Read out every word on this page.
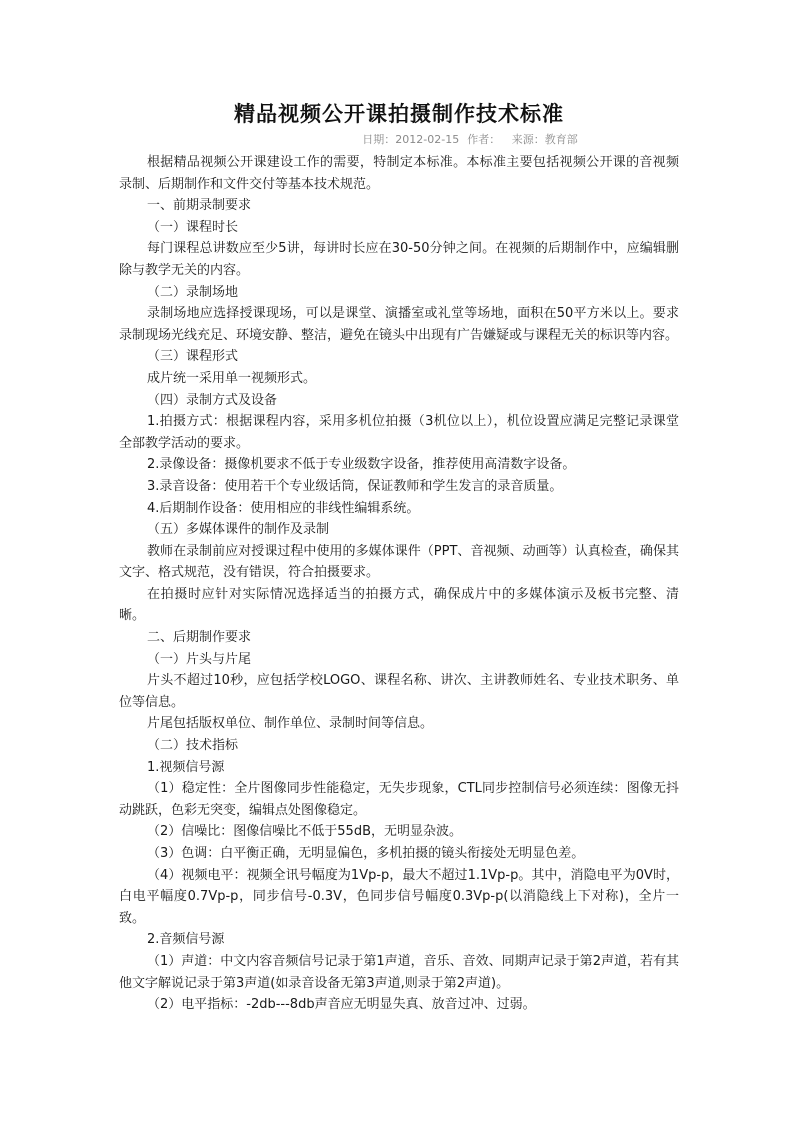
精品视频公开课拍摄制作技术标准
日期：2012-02-15 作者： 来源：教育部

根据精品视频公开课建设工作的需要，特制定本标准。本标准主要包括视频公开课的音视频录制、后期制作和文件交付等基本技术规范。

一、前期录制要求

（一）课程时长

每门课程总讲数应至少5讲，每讲时长应在30-50分钟之间。在视频的后期制作中，应编辑删除与教学无关的内容。

（二）录制场地

录制场地应选择授课现场，可以是课堂、演播室或礼堂等场地，面积在50平方米以上。要求录制现场光线充足、环境安静、整洁，避免在镜头中出现有广告嫌疑或与课程无关的标识等内容。

（三）课程形式

成片统一采用单一视频形式。

（四）录制方式及设备

1.拍摄方式：根据课程内容，采用多机位拍摄（3机位以上），机位设置应满足完整记录课堂全部教学活动的要求。

2.录像设备：摄像机要求不低于专业级数字设备，推荐使用高清数字设备。

3.录音设备：使用若干个专业级话筒，保证教师和学生发言的录音质量。

4.后期制作设备：使用相应的非线性编辑系统。

（五）多媒体课件的制作及录制

教师在录制前应对授课过程中使用的多媒体课件（PPT、音视频、动画等）认真检查，确保其文字、格式规范，没有错误，符合拍摄要求。

在拍摄时应针对实际情况选择适当的拍摄方式，确保成片中的多媒体演示及板书完整、清晰。

二、后期制作要求

（一）片头与片尾

片头不超过10秒，应包括学校LOGO、课程名称、讲次、主讲教师姓名、专业技术职务、单位等信息。

片尾包括版权单位、制作单位、录制时间等信息。

（二）技术指标

1.视频信号源

（1）稳定性：全片图像同步性能稳定，无失步现象，CTL同步控制信号必须连续：图像无抖动跳跃，色彩无突变，编辑点处图像稳定。

（2）信噪比：图像信噪比不低于55dB，无明显杂波。

（3）色调：白平衡正确，无明显偏色，多机拍摄的镜头衔接处无明显色差。

（4）视频电平：视频全讯号幅度为1Vp-p，最大不超过1.1Vp-p。其中，消隐电平为0V时，白电平幅度0.7Vp-p，同步信号-0.3V，色同步信号幅度0.3Vp-p(以消隐线上下对称)，全片一致。

2.音频信号源

（1）声道：中文内容音频信号记录于第1声道，音乐、音效、同期声记录于第2声道，若有其他文字解说记录于第3声道(如录音设备无第3声道,则录于第2声道)。

（2）电平指标：-2db---8db声音应无明显失真、放音过冲、过弱。
